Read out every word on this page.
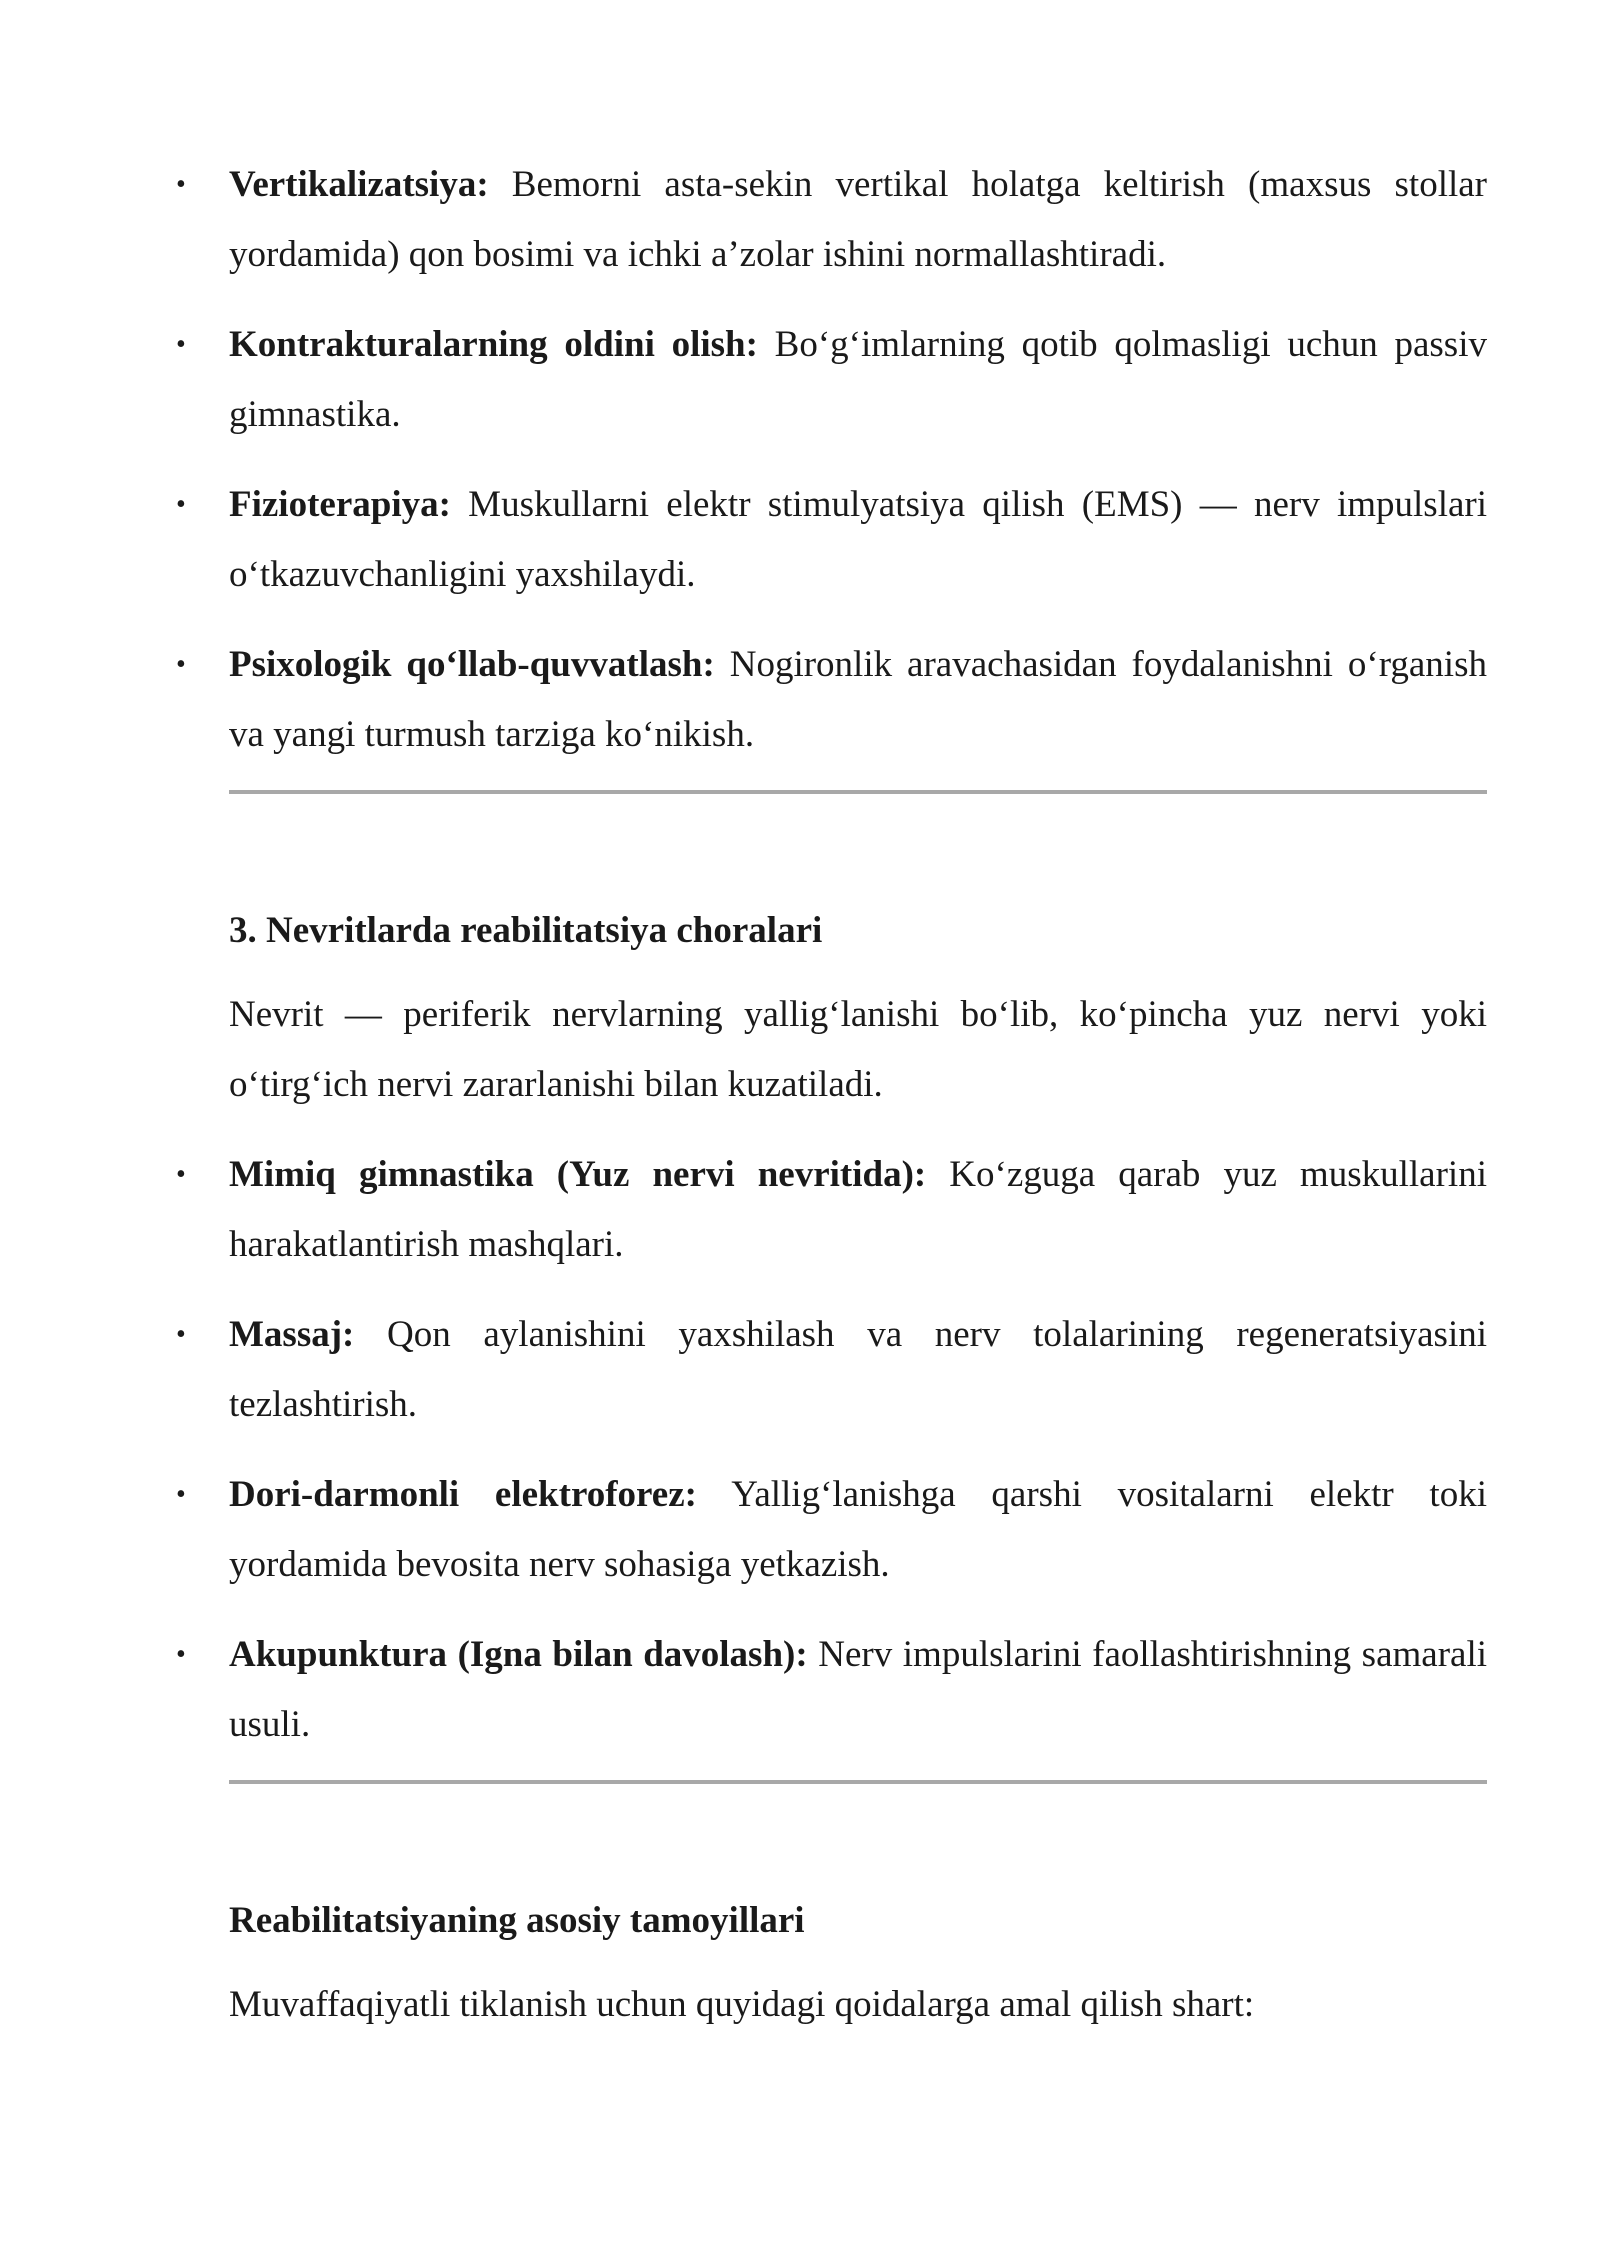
• Vertikalizatsiya: Bemorni asta-sekin vertikal holatga keltirish (maxsus stollar yordamida) qon bosimi va ichki a’zolar ishini normallashtiradi.
• Kontrakturalarning oldini olish: Bo‘g‘imlarning qotib qolmasligi uchun passiv gimnastika.
• Fizioterapiya: Muskullarni elektr stimulyatsiya qilish (EMS) — nerv impulslari o‘tkazuvchanligini yaxshilaydi.
• Psixologik qo‘llab-quvvatlash: Nogironlik aravachasidan foydalanishni o‘rganish va yangi turmush tarziga ko‘nikish.
3. Nevritlarda reabilitatsiya choralari

Nevrit — periferik nervlarning yallig‘lanishi bo‘lib, ko‘pincha yuz nervi yoki o‘tirg‘ich nervi zararlanishi bilan kuzatiladi.

• Mimiq gimnastika (Yuz nervi nevritida): Ko‘zguga qarab yuz muskullarini harakatlantirish mashqlari.
• Massaj: Qon aylanishini yaxshilash va nerv tolalarining regeneratsiyasini tezlashtirish.
• Dori-darmonli elektroforez: Yallig‘lanishga qarshi vositalarni elektr toki yordamida bevosita nerv sohasiga yetkazish.
• Akupunktura (Igna bilan davolash): Nerv impulslarini faollashtirishning samarali usuli.
Reabilitatsiyaning asosiy tamoyillari

Muvaffaqiyatli tiklanish uchun quyidagi qoidalarga amal qilish shart:
